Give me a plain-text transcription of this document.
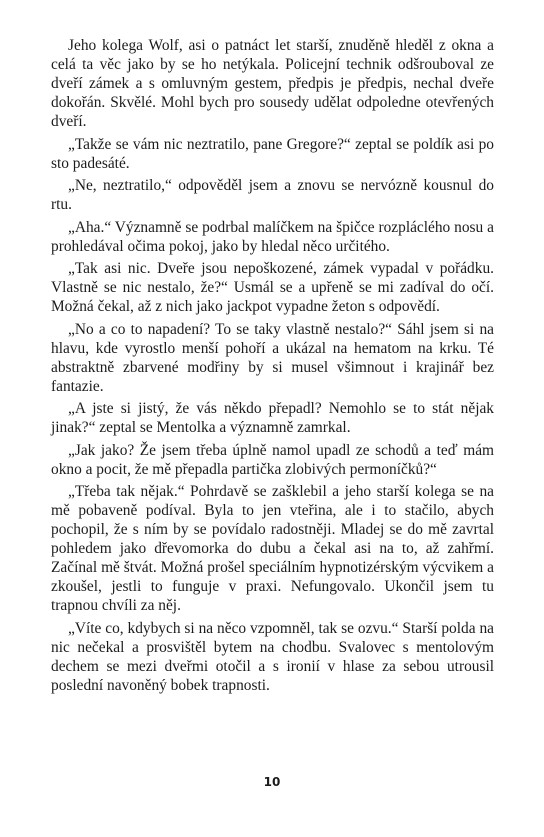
Jeho kolega Wolf, asi o patnáct let starší, znuděně hleděl z okna a celá ta věc jako by se ho netýkala. Policejní technik odšrouboval ze dveří zámek a s omluvným gestem, předpis je předpis, nechal dveře dokořán. Skvělé. Mohl bych pro sousedy udělat odpoledne otevřených dveří.

„Takže se vám nic neztratilo, pane Gregore?“ zeptal se poldík asi po sto padesáté.

„Ne, neztratilo,“ odpověděl jsem a znovu se nervózně kousnul do rtu.

„Aha.“ Významně se podrbal malíčkem na špičce rozpláclého nosu a prohledával očima pokoj, jako by hledal něco určitého.

„Tak asi nic. Dveře jsou nepoškozené, zámek vypadal v pořádku. Vlastně se nic nestalo, že?“ Usmál se a upřeně se mi zadíval do očí. Možná čekal, až z nich jako jackpot vypadne žeton s odpovědí.

„No a co to napadení? To se taky vlastně nestalo?“ Sáhl jsem si na hlavu, kde vyrostlo menší pohoří a ukázal na hematom na krku. Té abstraktně zbarvené modřiny by si musel všimnout i krajinář bez fantazie.

„A jste si jistý, že vás někdo přepadl? Nemohlo se to stát nějak jinak?“ zeptal se Mentolka a významně zamrkal.

„Jak jako? Že jsem třeba úplně namol upadl ze schodů a teď mám okno a pocit, že mě přepadla partička zlobivých permoníčků?“

„Třeba tak nějak.“ Pohrdavě se zašklebil a jeho starší kolega se na mě pobaveně podíval. Byla to jen vteřina, ale i to stačilo, abych pochopil, že s ním by se povídalo radostněji. Mladej se do mě zavrtal pohledem jako dřevomorka do dubu a čekal asi na to, až zahřmí. Začínal mě štvát. Možná prošel speciálním hypnotizérským výcvikem a zkoušel, jestli to funguje v praxi. Nefungovalo. Ukončil jsem tu trapnou chvíli za něj.

„Víte co, kdybych si na něco vzpomněl, tak se ozvu.“ Starší polda na nic nečekal a prosvištěl bytem na chodbu. Svalovec s mentolovým dechem se mezi dveřmi otočil a s ironií v hlase za sebou utrousil poslední navoněný bobek trapnosti.

10
